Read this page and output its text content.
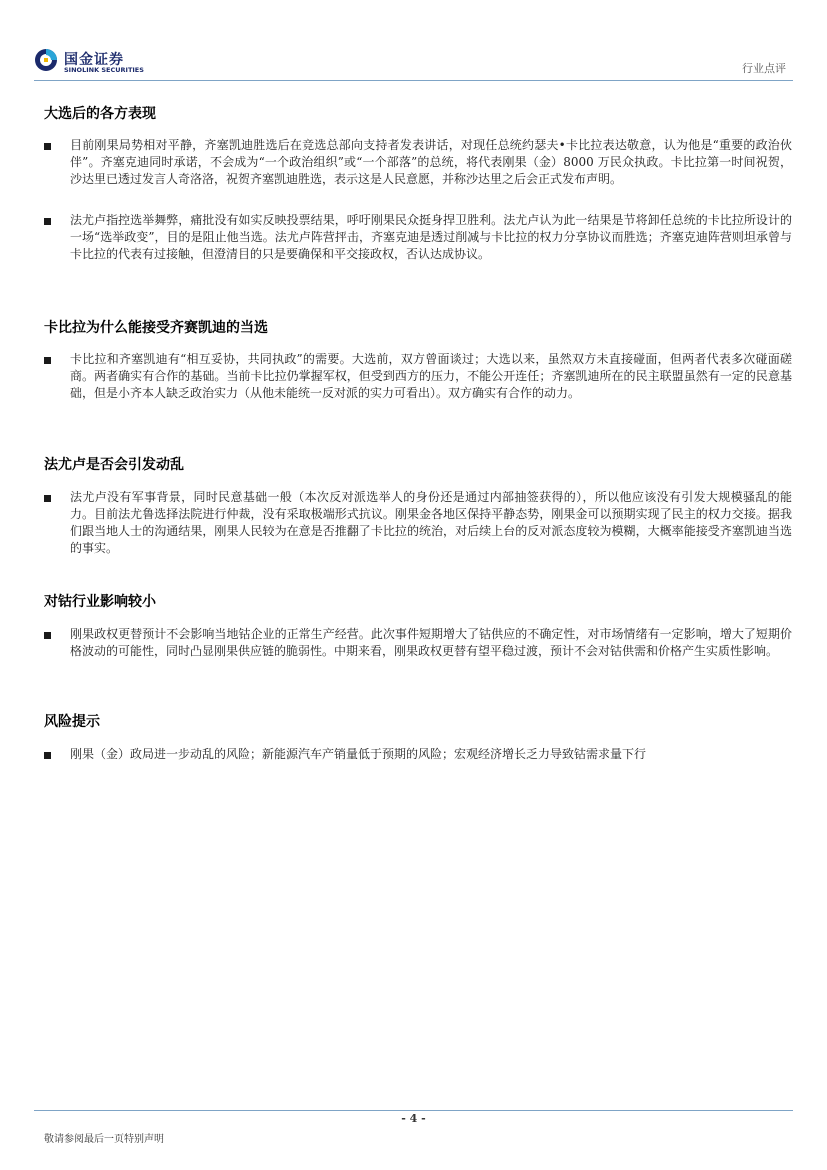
国金证券
SINOLINK SECURITIES	行业点评
大选后的各方表现
目前刚果局势相对平静，齐塞凯迪胜选后在竞选总部向支持者发表讲话，对现任总统约瑟夫•卡比拉表达敬意，认为他是“重要的政治伙伴”。齐塞克迪同时承诺，不会成为“一个政治组织”或“一个部落”的总统，将代表刚果（金）8000 万民众执政。卡比拉第一时间祝贺，沙达里已透过发言人奇洛洛，祝贺齐塞凯迪胜选，表示这是人民意愿，并称沙达里之后会正式发布声明。
法尤卢指控选举舞弊，痛批没有如实反映投票结果，呼吁刚果民众挺身捍卫胜利。法尤卢认为此一结果是节将卸任总统的卡比拉所设计的一场“选举政变”，目的是阻止他当选。法尤卢阵营抨击，齐塞克迪是透过削减与卡比拉的权力分享协议而胜选；齐塞克迪阵营则坦承曾与卡比拉的代表有过接触，但澄清目的只是要确保和平交接政权，否认达成协议。
卡比拉为什么能接受齐赛凯迪的当选
卡比拉和齐塞凯迪有“相互妥协，共同执政”的需要。大选前，双方曾面谈过；大选以来，虽然双方未直接碰面，但两者代表多次碰面磋商。两者确实有合作的基础。当前卡比拉仍掌握军权，但受到西方的压力，不能公开连任；齐塞凯迪所在的民主联盟虽然有一定的民意基础，但是小齐本人缺乏政治实力（从他未能统一反对派的实力可看出）。双方确实有合作的动力。
法尤卢是否会引发动乱
法尤卢没有军事背景，同时民意基础一般（本次反对派选举人的身份还是通过内部抽签获得的），所以他应该没有引发大规模骚乱的能力。目前法尤鲁选择法院进行仲裁，没有采取极端形式抗议。刚果金各地区保持平静态势，刚果金可以预期实现了民主的权力交接。据我们跟当地人士的沟通结果，刚果人民较为在意是否推翻了卡比拉的统治，对后续上台的反对派态度较为模糊，大概率能接受齐塞凯迪当选的事实。
对钴行业影响较小
刚果政权更替预计不会影响当地钴企业的正常生产经营。此次事件短期增大了钴供应的不确定性，对市场情绪有一定影响，增大了短期价格波动的可能性，同时凸显刚果供应链的脆弱性。中期来看，刚果政权更替有望平稳过渡，预计不会对钴供需和价格产生实质性影响。
风险提示
刚果（金）政局进一步动乱的风险；新能源汽车产销量低于预期的风险；宏观经济增长乏力导致钴需求量下行
- 4 -
敬请参阅最后一页特别声明
